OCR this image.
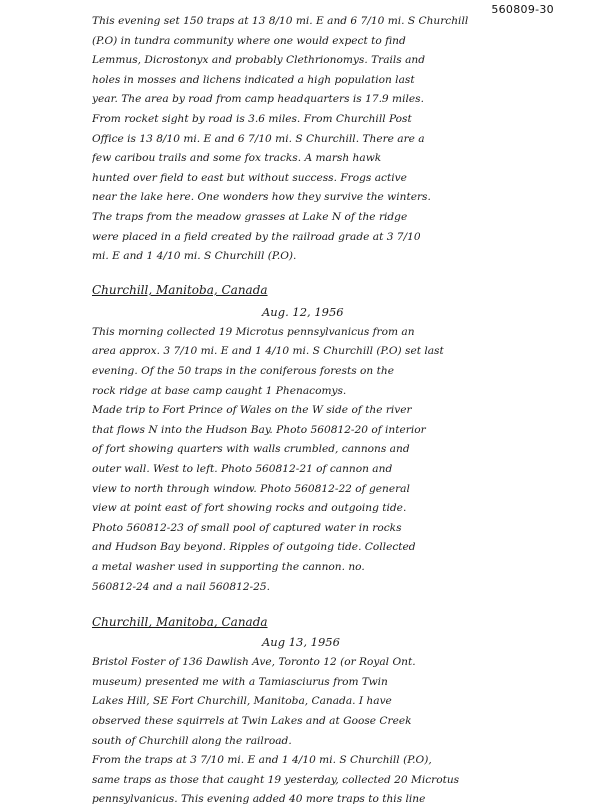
560809-30
This evening set 150 traps at 13 8/10 mi. E and 6 7/10 mi. S Churchill
(P.O) in tundra community where one would expect to find
Lemmus, Dicrostonyx and probably Clethrionomys. Trails and
holes in mosses and lichens indicated a high population last
year. The area by road from camp headquarters is 17.9 miles.
From rocket sight by road is 3.6 miles. From Churchill Post
Office is 13 8/10 mi. E and 6 7/10 mi. S Churchill. There are a
few caribou trails and some fox tracks. A marsh hawk
hunted over field to east but without success. Frogs active
near the lake here. One wonders how they survive the winters.
The traps from the meadow grasses at Lake N of the ridge
were placed in a field created by the railroad grade at 3 7/10
mi. E and 1 4/10 mi. S Churchill (P.O).
Churchill, Manitoba, Canada
Aug. 12, 1956
This morning collected 19 Microtus pennsylvanicus from an
area approx. 3 7/10 mi. E and 1 4/10 mi. S Churchill (P.O) set last
evening. Of the 50 traps in the coniferous forests on the
rock ridge at base camp caught 1 Phenacomys.
Made trip to Fort Prince of Wales on the W side of the river
that flows N into the Hudson Bay. Photo 560812-20 of interior
of fort showing quarters with walls crumbled, cannons and
outer wall. West to left. Photo 560812-21 of cannon and
view to north through window. Photo 560812-22 of general
view at point east of fort showing rocks and outgoing tide.
Photo 560812-23 of small pool of captured water in rocks
and Hudson Bay beyond. Ripples of outgoing tide. Collected
a metal washer used in supporting the cannon. no.
560812-24 and a nail 560812-25.
Churchill, Manitoba, Canada
Aug 13, 1956
Bristol Foster of 136 Dawlish Ave, Toronto 12 (or Royal Ont.
museum) presented me with a Tamiasciurus from Twin
Lakes Hill, SE Fort Churchill, Manitoba, Canada. I have
observed these squirrels at Twin Lakes and at Goose Creek
south of Churchill along the railroad.
From the traps at 3 7/10 mi. E and 1 4/10 mi. S Churchill (P.O),
same traps as those that caught 19 yesterday, collected 20 Microtus
pennsylvanicus. This evening added 40 more traps to this line
